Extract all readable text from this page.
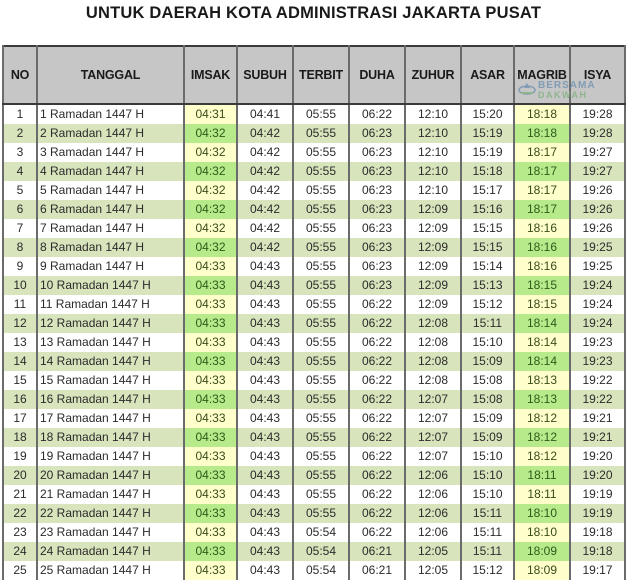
UNTUK DAERAH KOTA ADMINISTRASI JAKARTA PUSAT
NO	TANGGAL	IMSAK	SUBUH	TERBIT	DUHA	ZUHUR	ASAR	MAGRIB	ISYA
1	1 Ramadan 1447 H	04:31	04:41	05:55	06:22	12:10	15:20	18:18	19:28
2	2 Ramadan 1447 H	04:32	04:42	05:55	06:23	12:10	15:19	18:18	19:28
3	3 Ramadan 1447 H	04:32	04:42	05:55	06:23	12:10	15:19	18:17	19:27
4	4 Ramadan 1447 H	04:32	04:42	05:55	06:23	12:10	15:18	18:17	19:27
5	5 Ramadan 1447 H	04:32	04:42	05:55	06:23	12:10	15:17	18:17	19:26
6	6 Ramadan 1447 H	04:32	04:42	05:55	06:23	12:09	15:16	18:17	19:26
7	7 Ramadan 1447 H	04:32	04:42	05:55	06:23	12:09	15:15	18:16	19:26
8	8 Ramadan 1447 H	04:32	04:42	05:55	06:23	12:09	15:15	18:16	19:25
9	9 Ramadan 1447 H	04:33	04:43	05:55	06:23	12:09	15:14	18:16	19:25
10	10 Ramadan 1447 H	04:33	04:43	05:55	06:23	12:09	15:13	18:15	19:24
11	11 Ramadan 1447 H	04:33	04:43	05:55	06:22	12:09	15:12	18:15	19:24
12	12 Ramadan 1447 H	04:33	04:43	05:55	06:22	12:08	15:11	18:14	19:24
13	13 Ramadan 1447 H	04:33	04:43	05:55	06:22	12:08	15:10	18:14	19:23
14	14 Ramadan 1447 H	04:33	04:43	05:55	06:22	12:08	15:09	18:14	19:23
15	15 Ramadan 1447 H	04:33	04:43	05:55	06:22	12:08	15:08	18:13	19:22
16	16 Ramadan 1447 H	04:33	04:43	05:55	06:22	12:07	15:08	18:13	19:22
17	17 Ramadan 1447 H	04:33	04:43	05:55	06:22	12:07	15:09	18:12	19:21
18	18 Ramadan 1447 H	04:33	04:43	05:55	06:22	12:07	15:09	18:12	19:21
19	19 Ramadan 1447 H	04:33	04:43	05:55	06:22	12:07	15:10	18:12	19:20
20	20 Ramadan 1447 H	04:33	04:43	05:55	06:22	12:06	15:10	18:11	19:20
21	21 Ramadan 1447 H	04:33	04:43	05:55	06:22	12:06	15:10	18:11	19:19
22	22 Ramadan 1447 H	04:33	04:43	05:55	06:22	12:06	15:11	18:10	19:19
23	23 Ramadan 1447 H	04:33	04:43	05:54	06:22	12:06	15:11	18:10	19:18
24	24 Ramadan 1447 H	04:33	04:43	05:54	06:21	12:05	15:11	18:09	19:18
25	25 Ramadan 1447 H	04:33	04:43	05:54	06:21	12:05	15:12	18:09	19:17
BERSAMA
DAKWAH
